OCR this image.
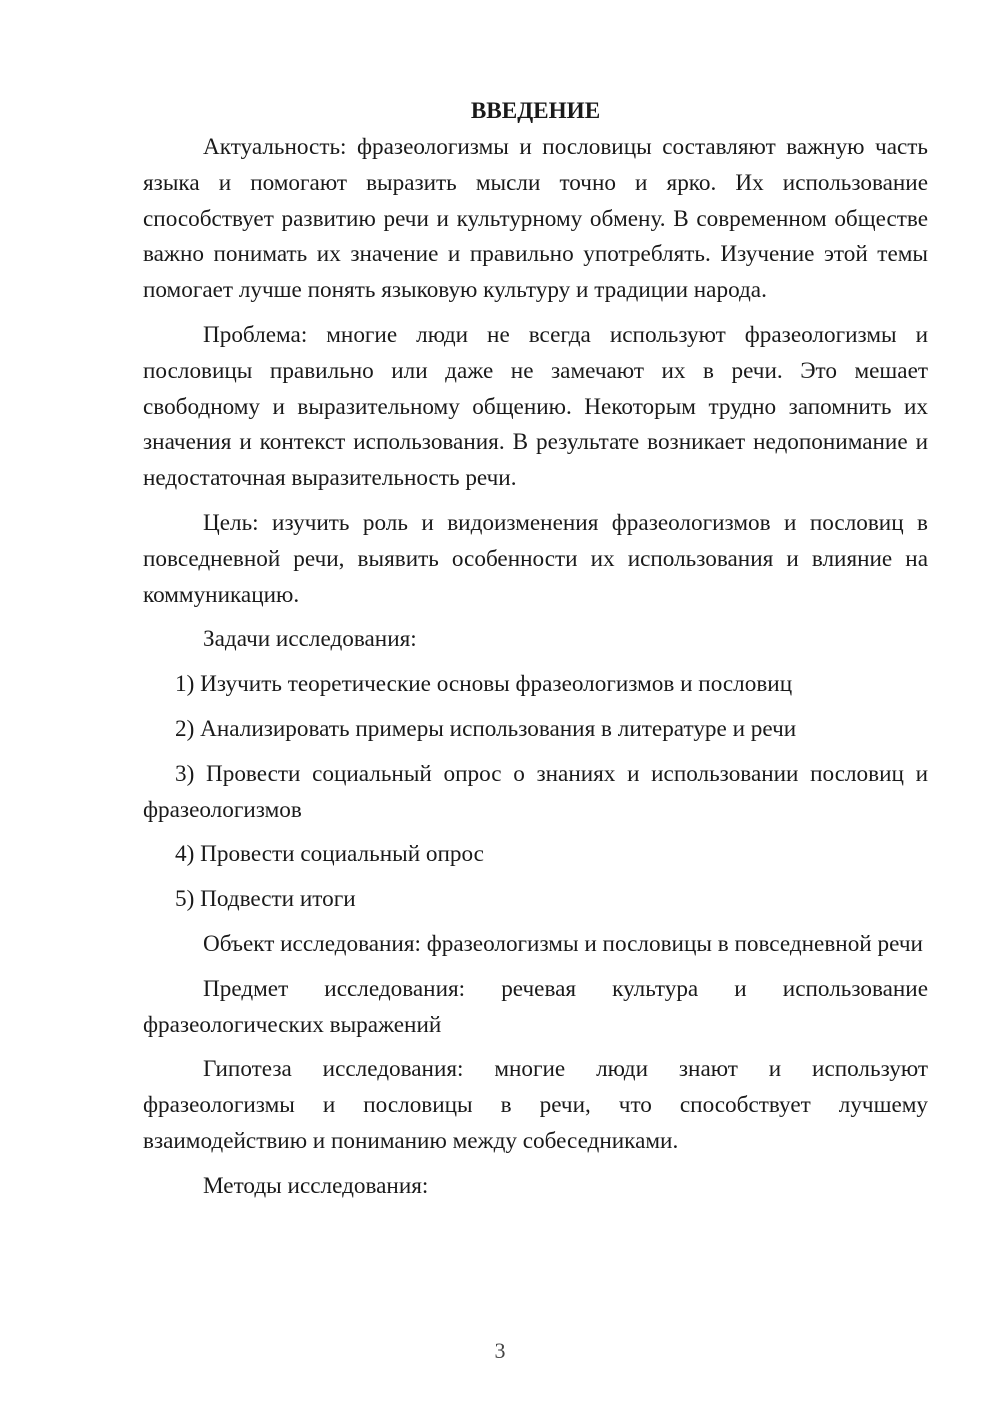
ВВЕДЕНИЕ

Актуальность: фразеологизмы и пословицы составляют важную часть языка и помогают выразить мысли точно и ярко. Их использование способствует развитию речи и культурному обмену. В современном обществе важно понимать их значение и правильно употреблять. Изучение этой темы помогает лучше понять языковую культуру и традиции народа.

Проблема: многие люди не всегда используют фразеологизмы и пословицы правильно или даже не замечают их в речи. Это мешает свободному и выразительному общению. Некоторым трудно запомнить их значения и контекст использования. В результате возникает недопонимание и недостаточная выразительность речи.

Цель: изучить роль и видоизменения фразеологизмов и пословиц в повседневной речи, выявить особенности их использования и влияние на коммуникацию.

Задачи исследования:

1) Изучить теоретические основы фразеологизмов и пословиц

2) Анализировать примеры использования в литературе и речи

3) Провести социальный опрос о знаниях и использовании пословиц и фразеологизмов

4) Провести социальный опрос

5) Подвести итоги

Объект исследования: фразеологизмы и пословицы в повседневной речи

Предмет исследования: речевая культура и использование фразеологических выражений

Гипотеза исследования: многие люди знают и используют фразеологизмы и пословицы в речи, что способствует лучшему взаимодействию и пониманию между собеседниками.

Методы исследования:

3
